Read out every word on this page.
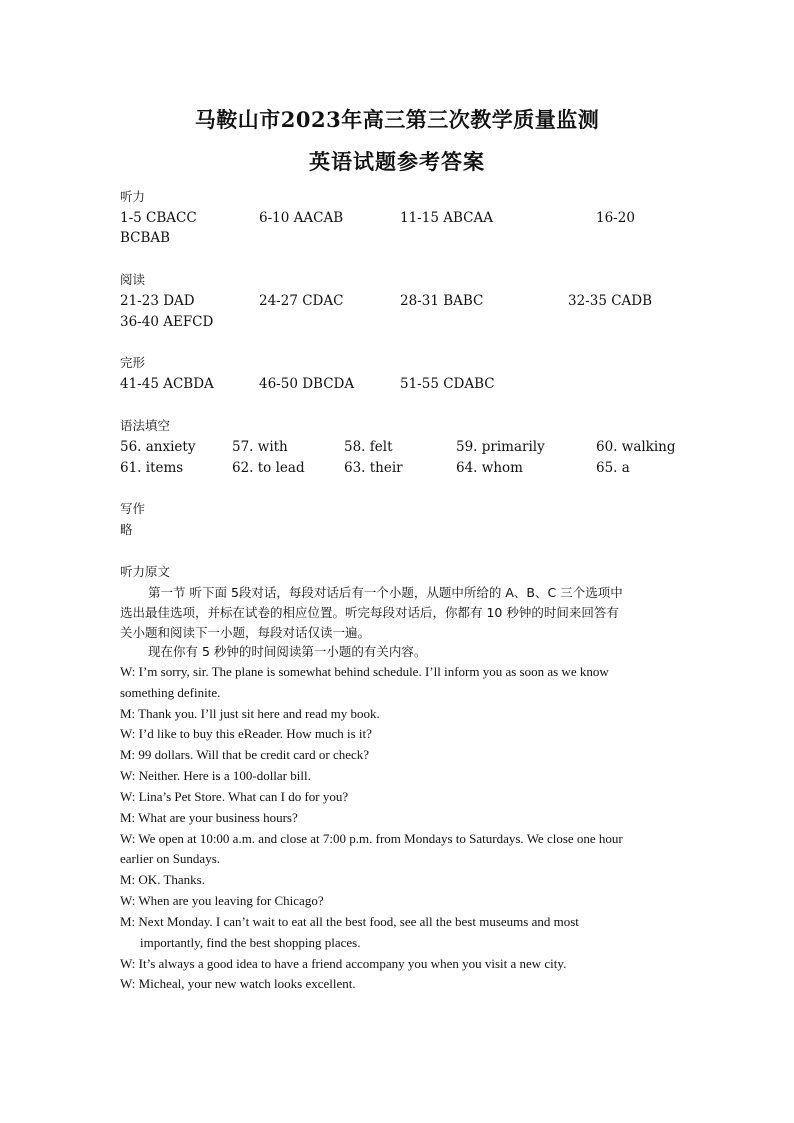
马鞍山市2023年高三第三次教学质量监测
英语试题参考答案
听力
1-5 CBACC	6-10 AACAB	11-15 ABCAA	16-20
BCBAB
阅读
21-23 DAD	24-27 CDAC	28-31 BABC	32-35 CADB
36-40 AEFCD
完形
41-45 ACBDA	46-50 DBCDA	51-55 CDABC
语法填空
56. anxiety	57. with	58. felt	59. primarily	60. walking
61. items	62. to lead	63. their	64. whom	65. a
写作
略
听力原文
第一节 听下面 5段对话，每段对话后有一个小题，从题中所给的 A、B、C 三个选项中
选出最佳选项，并标在试卷的相应位置。听完每段对话后，你都有 10 秒钟的时间来回答有
关小题和阅读下一小题，每段对话仅读一遍。
现在你有 5 秒钟的时间阅读第一小题的有关内容。
W: I’m sorry, sir. The plane is somewhat behind schedule. I’ll inform you as soon as we know
something definite.
M: Thank you. I’ll just sit here and read my book.
W: I’d like to buy this eReader. How much is it?
M: 99 dollars. Will that be credit card or check?
W: Neither. Here is a 100-dollar bill.
W: Lina’s Pet Store. What can I do for you?
M: What are your business hours?
W: We open at 10:00 a.m. and close at 7:00 p.m. from Mondays to Saturdays. We close one hour
earlier on Sundays.
M: OK. Thanks.
W: When are you leaving for Chicago?
M: Next Monday. I can’t wait to eat all the best food, see all the best museums and most
importantly, find the best shopping places.
W: It’s always a good idea to have a friend accompany you when you visit a new city.
W: Micheal, your new watch looks excellent.
